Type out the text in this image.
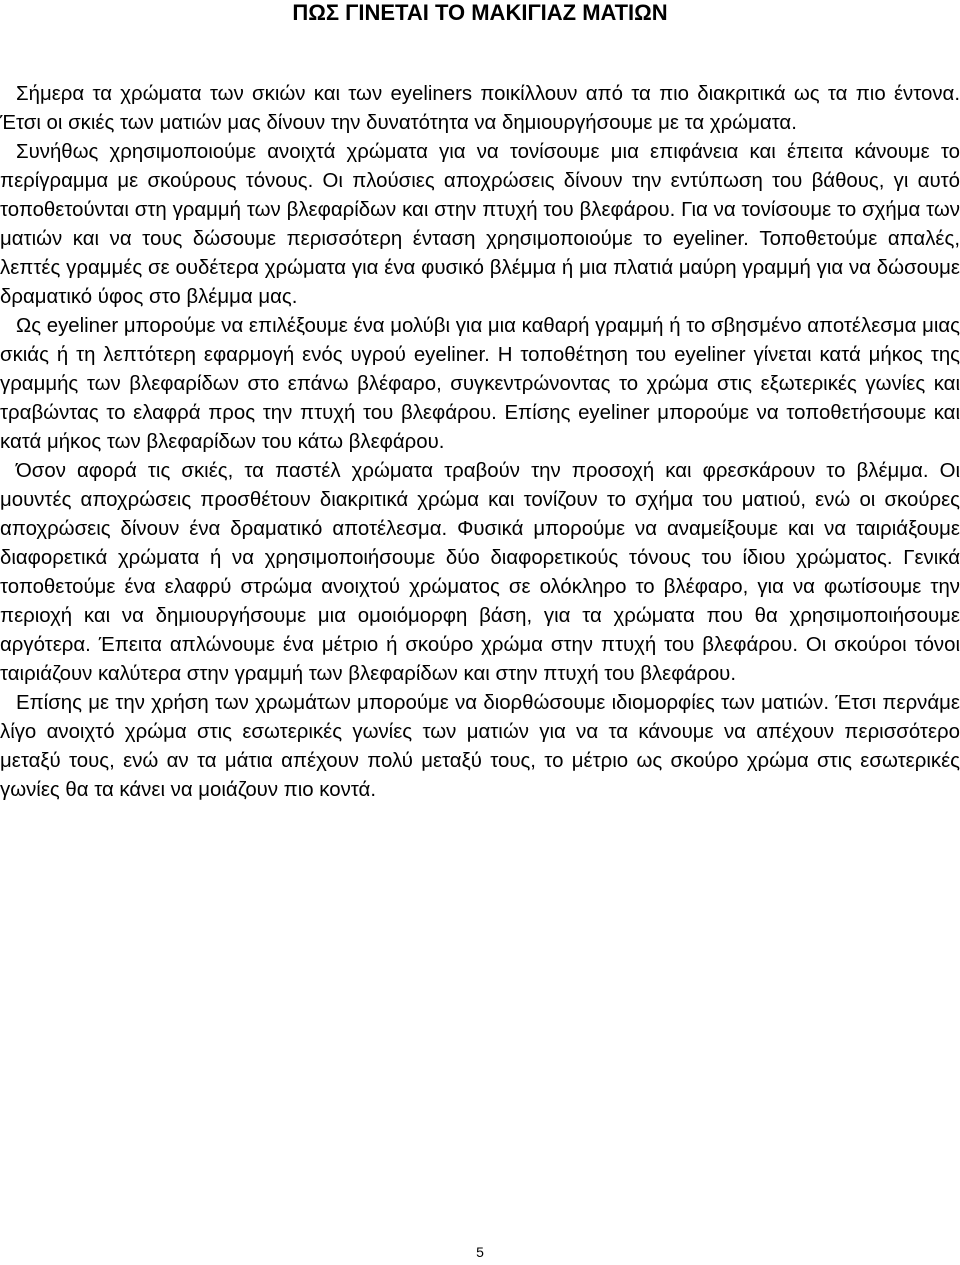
ΠΩΣ ΓΙΝΕΤΑΙ ΤΟ ΜΑΚΙΓΙΑΖ ΜΑΤΙΩΝ

Σήμερα τα χρώματα των σκιών και των eyeliners ποικίλλουν από τα πιο διακριτικά ως τα πιο έντονα. Έτσι οι σκιές των ματιών μας δίνουν την δυνατότητα να δημιουργήσουμε με τα χρώματα.

Συνήθως χρησιμοποιούμε ανοιχτά χρώματα για να τονίσουμε μια επιφάνεια και έπειτα κάνουμε το περίγραμμα με σκούρους τόνους. Οι πλούσιες αποχρώσεις δίνουν την εντύπωση του βάθους, γι αυτό τοποθετούνται στη γραμμή των βλεφαρίδων και στην πτυχή του βλεφάρου. Για να τονίσουμε το σχήμα των ματιών και να τους δώσουμε περισσότερη ένταση χρησιμοποιούμε το eyeliner. Τοποθετούμε απαλές, λεπτές γραμμές σε ουδέτερα χρώματα για ένα φυσικό βλέμμα ή μια πλατιά μαύρη γραμμή για να δώσουμε δραματικό ύφος στο βλέμμα μας.

Ως eyeliner μπορούμε να επιλέξουμε ένα μολύβι για μια καθαρή γραμμή ή το σβησμένο αποτέλεσμα μιας σκιάς ή τη λεπτότερη εφαρμογή ενός υγρού eyeliner. Η τοποθέτηση του eyeliner γίνεται κατά μήκος της γραμμής των βλεφαρίδων στο επάνω βλέφαρο, συγκεντρώνοντας το χρώμα στις εξωτερικές γωνίες και τραβώντας το ελαφρά προς την πτυχή του βλεφάρου. Επίσης eyeliner μπορούμε να τοποθετήσουμε και κατά μήκος των βλεφαρίδων του κάτω βλεφάρου.

Όσον αφορά τις σκιές, τα παστέλ χρώματα τραβούν την προσοχή και φρεσκάρουν το βλέμμα. Οι μουντές αποχρώσεις προσθέτουν διακριτικά χρώμα και τονίζουν το σχήμα του ματιού, ενώ οι σκούρες αποχρώσεις δίνουν ένα δραματικό αποτέλεσμα. Φυσικά μπορούμε να αναμείξουμε και να ταιριάξουμε διαφορετικά χρώματα ή να χρησιμοποιήσουμε δύο διαφορετικούς τόνους του ίδιου χρώματος. Γενικά τοποθετούμε ένα ελαφρύ στρώμα ανοιχτού χρώματος σε ολόκληρο το βλέφαρο, για να φωτίσουμε την περιοχή και να δημιουργήσουμε μια ομοιόμορφη βάση, για τα χρώματα που θα χρησιμοποιήσουμε αργότερα. Έπειτα απλώνουμε ένα μέτριο ή σκούρο χρώμα στην πτυχή του βλεφάρου. Οι σκούροι τόνοι ταιριάζουν καλύτερα στην γραμμή των βλεφαρίδων και στην πτυχή του βλεφάρου.

Επίσης με την χρήση των χρωμάτων μπορούμε να διορθώσουμε ιδιομορφίες των ματιών. Έτσι περνάμε λίγο ανοιχτό χρώμα στις εσωτερικές γωνίες των ματιών για να τα κάνουμε να απέχουν περισσότερο μεταξύ τους, ενώ αν τα μάτια απέχουν πολύ μεταξύ τους, το μέτριο ως σκούρο χρώμα στις εσωτερικές γωνίες θα τα κάνει να μοιάζουν πιο κοντά.

5
